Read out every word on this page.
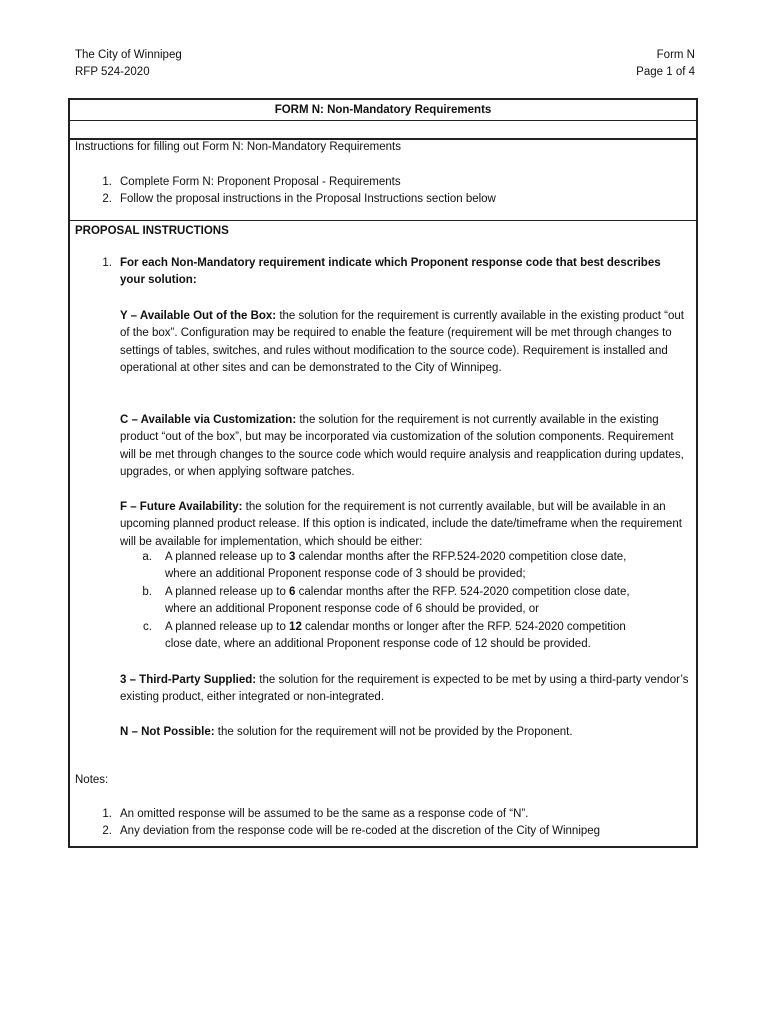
The City of Winnipeg
RFP 524-2020
Form N
Page 1 of 4
FORM N: Non-Mandatory Requirements
Instructions for filling out Form N: Non-Mandatory Requirements
1. Complete Form N: Proponent Proposal - Requirements
2. Follow the proposal instructions in the Proposal Instructions section below
PROPOSAL INSTRUCTIONS
1. For each Non-Mandatory requirement indicate which Proponent response code that best describes
your solution:
Y – Available Out of the Box: the solution for the requirement is currently available in the existing product “out of the box”. Configuration may be required to enable the feature (requirement will be met through changes to settings of tables, switches, and rules without modification to the source code). Requirement is installed and operational at other sites and can be demonstrated to the City of Winnipeg.
C – Available via Customization: the solution for the requirement is not currently available in the existing product “out of the box”, but may be incorporated via customization of the solution components. Requirement will be met through changes to the source code which would require analysis and reapplication during updates, upgrades, or when applying software patches.
F – Future Availability: the solution for the requirement is not currently available, but will be available in an upcoming planned product release. If this option is indicated, include the date/timeframe when the requirement will be available for implementation, which should be either:
a. A planned release up to 3 calendar months after the RFP.524-2020 competition close date,
where an additional Proponent response code of 3 should be provided;
b. A planned release up to 6 calendar months after the RFP. 524-2020 competition close date,
where an additional Proponent response code of 6 should be provided, or
c. A planned release up to 12 calendar months or longer after the RFP. 524-2020 competition
close date, where an additional Proponent response code of 12 should be provided.
3 – Third-Party Supplied: the solution for the requirement is expected to be met by using a third-party vendor’s existing product, either integrated or non-integrated.
N – Not Possible: the solution for the requirement will not be provided by the Proponent.
Notes:
1. An omitted response will be assumed to be the same as a response code of “N”.
2. Any deviation from the response code will be re-coded at the discretion of the City of Winnipeg
